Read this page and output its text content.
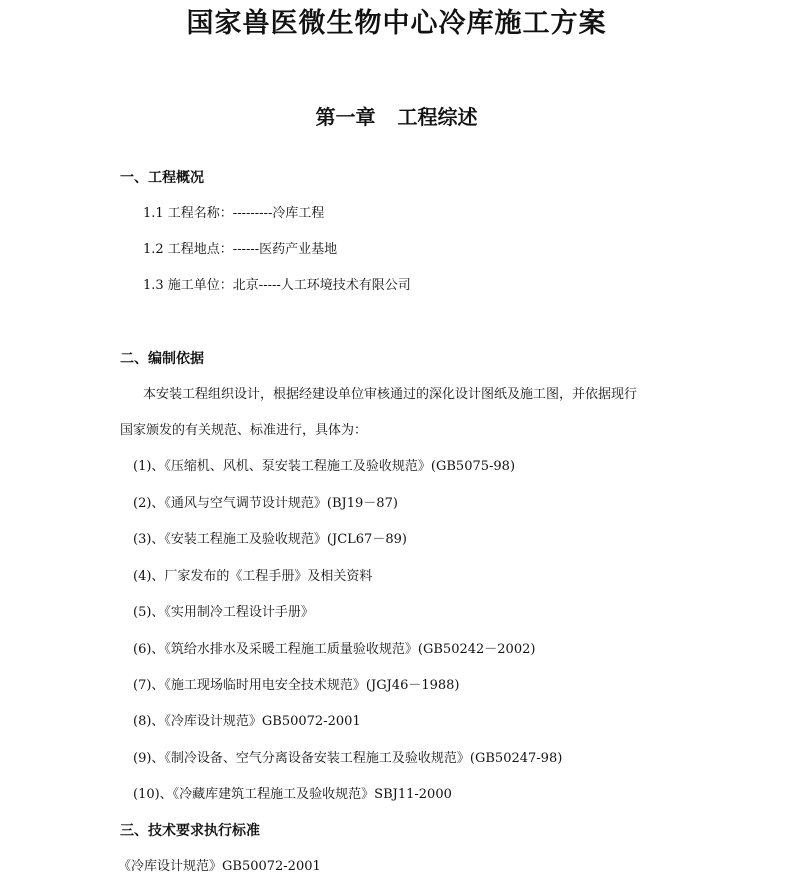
国家兽医微生物中心冷库施工方案
第一章 工程综述
一、工程概况
1.1 工程名称：---------冷库工程
1.2 工程地点：------医药产业基地
1.3 施工单位：北京-----人工环境技术有限公司
二、编制依据
本安装工程组织设计，根据经建设单位审核通过的深化设计图纸及施工图，并依据现行
国家颁发的有关规范、标准进行，具体为：
(1)、《压缩机、风机、泵安装工程施工及验收规范》(GB5075-98)
(2)、《通风与空气调节设计规范》(BJ19－87)
(3)、《安装工程施工及验收规范》(JCL67－89)
(4)、厂家发布的《工程手册》及相关资料
(5)、《实用制冷工程设计手册》
(6)、《筑给水排水及采暖工程施工质量验收规范》(GB50242－2002)
(7)、《施工现场临时用电安全技术规范》(JGJ46－1988)
(8)、《冷库设计规范》GB50072-2001
(9)、《制冷设备、空气分离设备安装工程施工及验收规范》(GB50247-98)
(10)、《冷藏库建筑工程施工及验收规范》SBJ11-2000
三、技术要求执行标准
《冷库设计规范》GB50072-2001
